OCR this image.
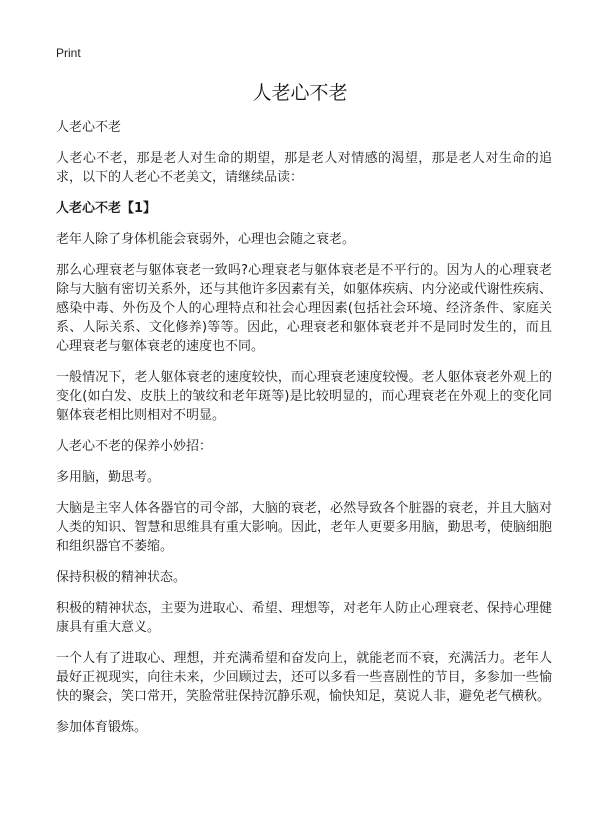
Print
人老心不老

人老心不老

人老心不老，那是老人对生命的期望，那是老人对情感的渴望，那是老人对生命的追求，以下的人老心不老美文，请继续品读：

人老心不老【1】

老年人除了身体机能会衰弱外，心理也会随之衰老。

那么心理衰老与躯体衰老一致吗?心理衰老与躯体衰老是不平行的。因为人的心理衰老除与大脑有密切关系外，还与其他许多因素有关，如躯体疾病、内分泌或代谢性疾病、感染中毒、外伤及个人的心理特点和社会心理因素(包括社会环境、经济条件、家庭关系、人际关系、文化修养)等等。因此，心理衰老和躯体衰老并不是同时发生的，而且心理衰老与躯体衰老的速度也不同。

一般情况下，老人躯体衰老的速度较快，而心理衰老速度较慢。老人躯体衰老外观上的变化(如白发、皮肤上的皱纹和老年斑等)是比较明显的，而心理衰老在外观上的变化同躯体衰老相比则相对不明显。

人老心不老的保养小妙招：

多用脑，勤思考。

大脑是主宰人体各器官的司令部，大脑的衰老，必然导致各个脏器的衰老，并且大脑对人类的知识、智慧和思维具有重大影响。因此，老年人更要多用脑，勤思考，使脑细胞和组织器官不萎缩。

保持积极的精神状态。

积极的精神状态，主要为进取心、希望、理想等，对老年人防止心理衰老、保持心理健康具有重大意义。

一个人有了进取心、理想，并充满希望和奋发向上，就能老而不衰，充满活力。老年人最好正视现实，向往未来，少回顾过去，还可以多看一些喜剧性的节目，多参加一些愉快的聚会，笑口常开，笑脸常驻保持沉静乐观，愉快知足，莫说人非，避免老气横秋。

参加体育锻炼。
